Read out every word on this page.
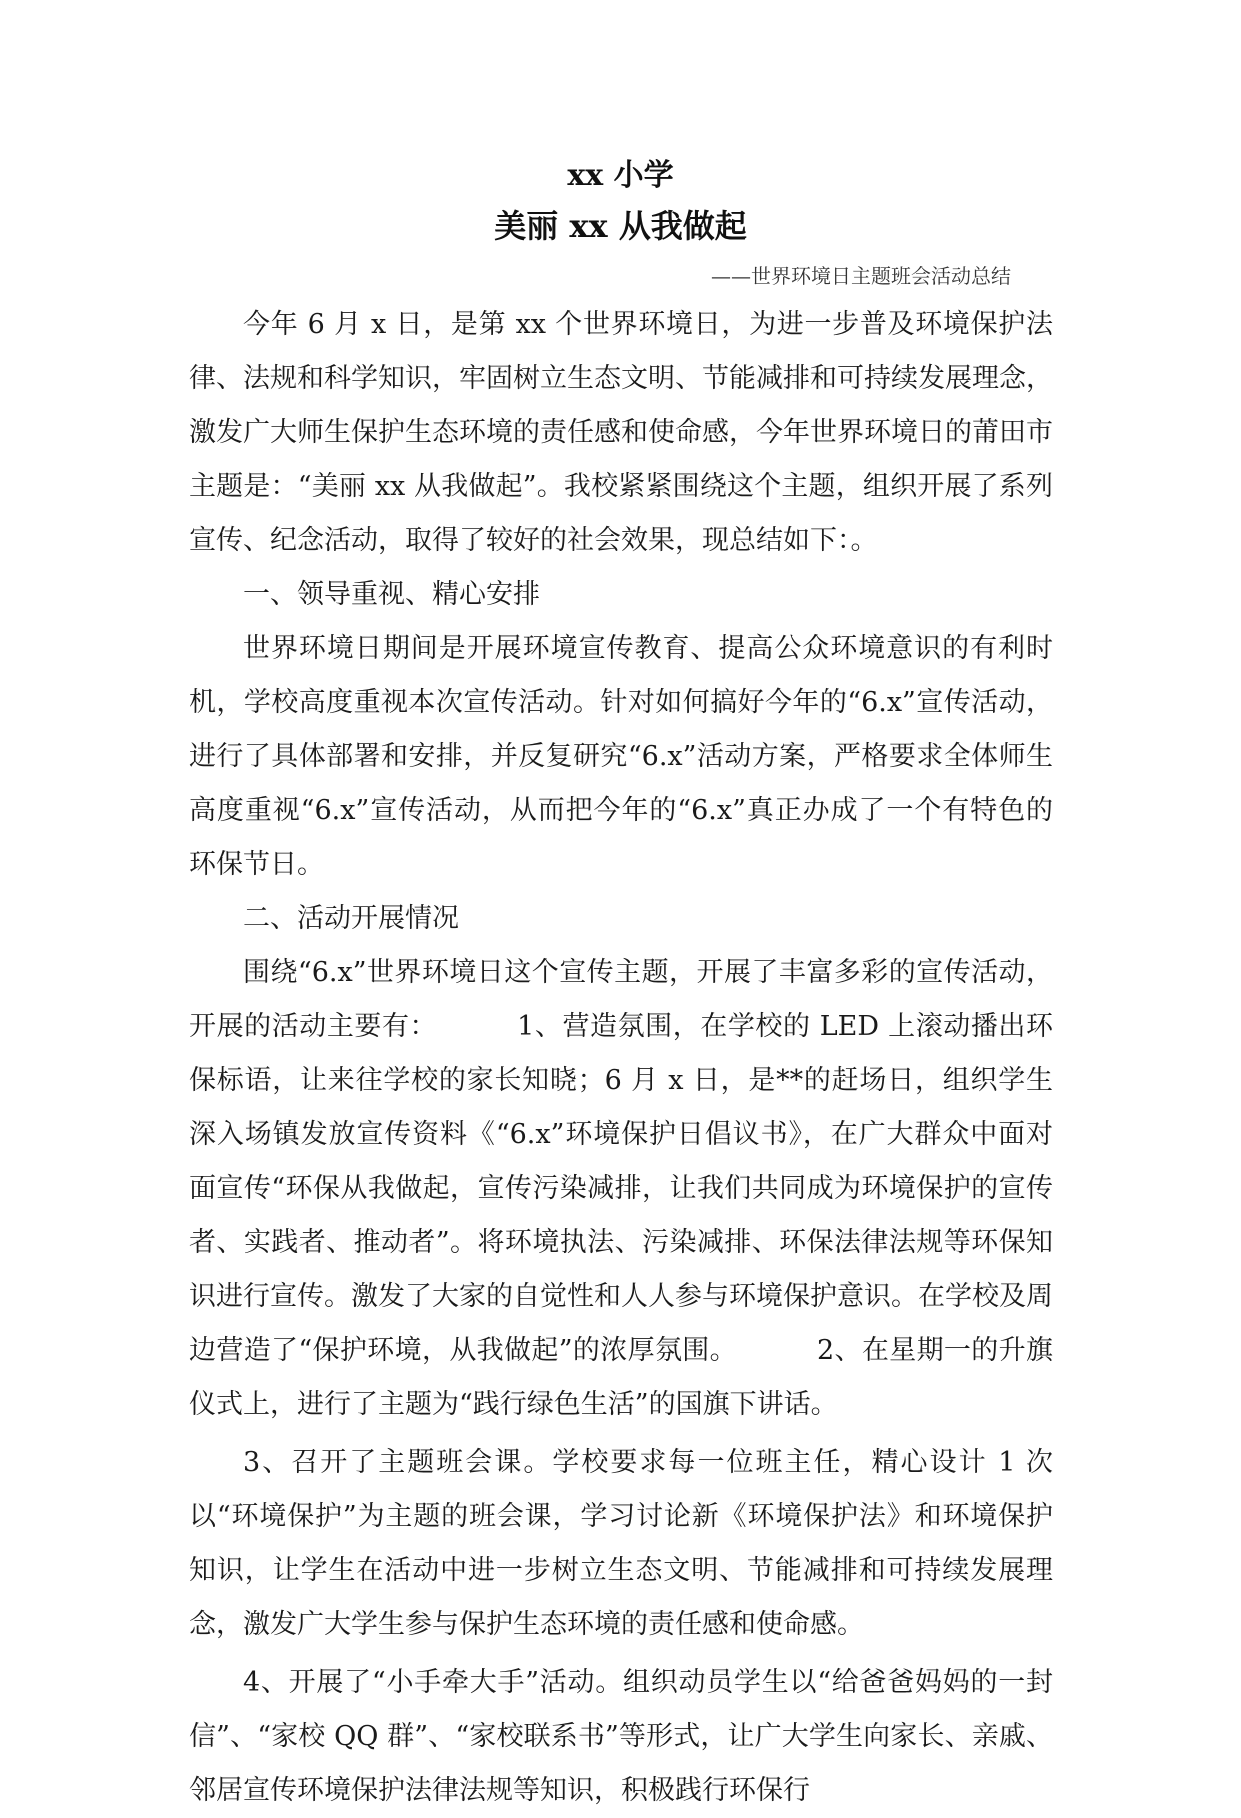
xx 小学
美丽 xx 从我做起
——世界环境日主题班会活动总结

今年 6 月 x 日，是第 xx 个世界环境日，为进一步普及环境保护法律、法规和科学知识，牢固树立生态文明、节能减排和可持续发展理念，激发广大师生保护生态环境的责任感和使命感，今年世界环境日的莆田市主题是：“美丽 xx 从我做起”。我校紧紧围绕这个主题，组织开展了系列宣传、纪念活动，取得了较好的社会效果，现总结如下：。

一、领导重视、精心安排

世界环境日期间是开展环境宣传教育、提高公众环境意识的有利时机，学校高度重视本次宣传活动。针对如何搞好今年的“6.x”宣传活动，进行了具体部署和安排，并反复研究“6.x”活动方案，严格要求全体师生高度重视“6.x”宣传活动，从而把今年的“6.x”真正办成了一个有特色的环保节日。

二、活动开展情况

围绕“6.x”世界环境日这个宣传主题，开展了丰富多彩的宣传活动，开展的活动主要有：	1、营造氛围，在学校的 LED 上滚动播出环保标语，让来往学校的家长知晓；6 月 x 日，是**的赶场日，组织学生深入场镇发放宣传资料《“6.x”环境保护日倡议书》，在广大群众中面对面宣传“环保从我做起，宣传污染减排，让我们共同成为环境保护的宣传者、实践者、推动者”。将环境执法、污染减排、环保法律法规等环保知识进行宣传。激发了大家的自觉性和人人参与环境保护意识。在学校及周边营造了“保护环境，从我做起”的浓厚氛围。	2、在星期一的升旗仪式上，进行了主题为“践行绿色生活”的国旗下讲话。

3、召开了主题班会课。学校要求每一位班主任，精心设计 1 次以“环境保护”为主题的班会课，学习讨论新《环境保护法》和环境保护知识，让学生在活动中进一步树立生态文明、节能减排和可持续发展理念，激发广大学生参与保护生态环境的责任感和使命感。

4、开展了“小手牵大手”活动。组织动员学生以“给爸爸妈妈的一封信”、“家校 QQ 群”、“家校联系书”等形式，让广大学生向家长、亲戚、邻居宣传环境保护法律法规等知识，积极践行环保行
